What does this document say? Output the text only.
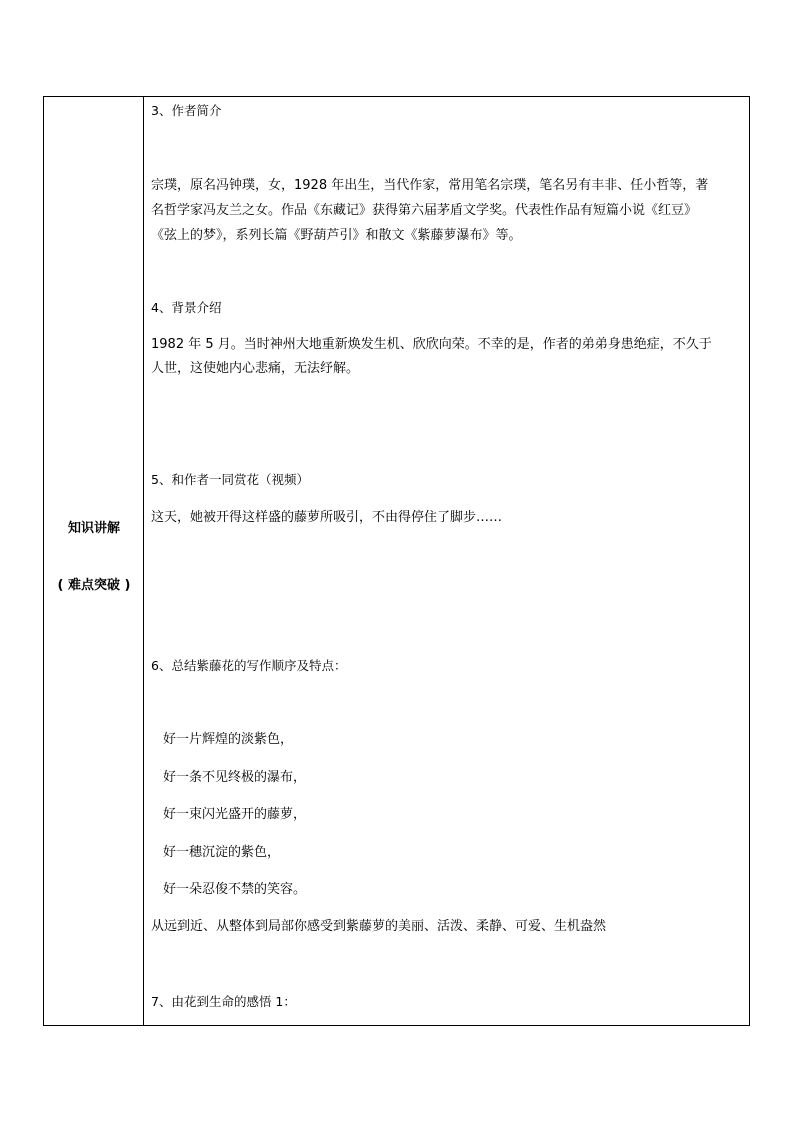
知识讲解
( 难点突破 )
3、作者简介
宗璞，原名冯钟璞，女，1928 年出生，当代作家，常用笔名宗璞，笔名另有丰非、任小哲等，著
名哲学家冯友兰之女。作品《东藏记》获得第六届茅盾文学奖。代表性作品有短篇小说《红豆》
《弦上的梦》，系列长篇《野葫芦引》和散文《紫藤萝瀑布》等。
4、背景介绍
1982 年 5 月。当时神州大地重新焕发生机、欣欣向荣。不幸的是，作者的弟弟身患绝症，不久于
人世，这使她内心悲痛，无法纾解。
5、和作者一同赏花（视频）
这天，她被开得这样盛的藤萝所吸引，不由得停住了脚步……
6、总结紫藤花的写作顺序及特点：
好一片辉煌的淡紫色，
好一条不见终极的瀑布，
好一束闪光盛开的藤萝，
好一穗沉淀的紫色，
好一朵忍俊不禁的笑容。
从远到近、从整体到局部你感受到紫藤萝的美丽、活泼、柔静、可爱、生机盎然
7、由花到生命的感悟 1：
